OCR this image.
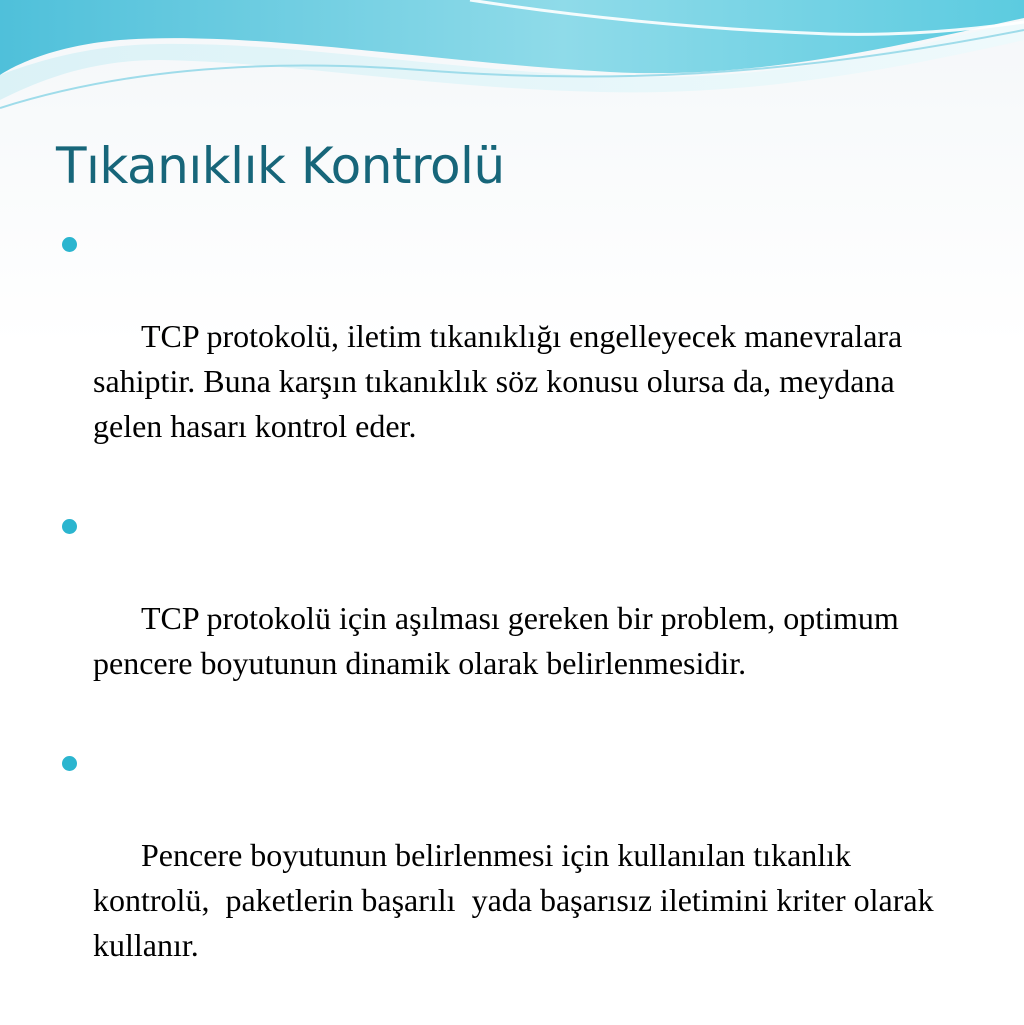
Tıkanıklık Kontrolü

TCP protokolü, iletim tıkanıklığı engelleyecek manevralara sahiptir. Buna karşın tıkanıklık söz konusu olursa da, meydana gelen hasarı kontrol eder.

TCP protokolü için aşılması gereken bir problem, optimum pencere boyutunun dinamik olarak belirlenmesidir.

Pencere boyutunun belirlenmesi için kullanılan tıkanlık kontrolü,  paketlerin başarılı  yada başarısız iletimini kriter olarak kullanır.
